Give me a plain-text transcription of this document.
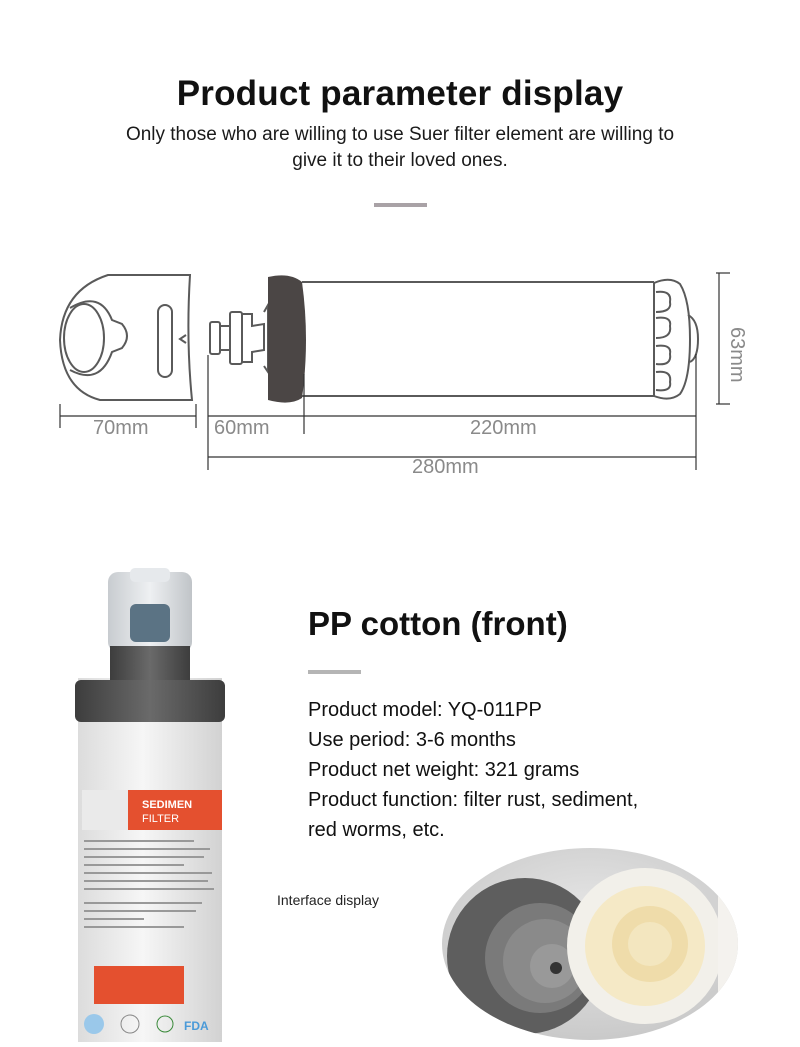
Product parameter display
Only those who are willing to use Suer filter element are willing to
give it to their loved ones.
70mm	60mm	220mm
280mm
63mm
SEDIMEN
FILTER
FDA
PP cotton (front)
Product model: YQ-011PP
Use period: 3-6 months
Product net weight: 321 grams
Product function: filter rust, sediment,
red worms, etc.
Interface display
